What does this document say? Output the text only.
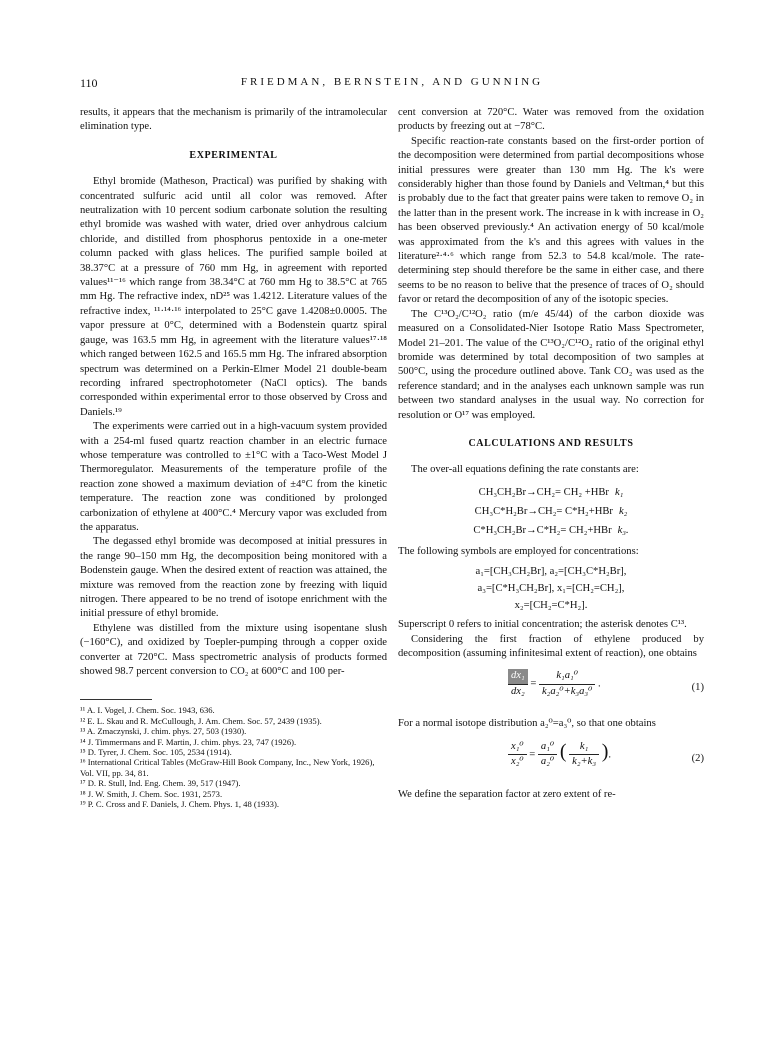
110	FRIEDMAN, BERNSTEIN, AND GUNNING

results, it appears that the mechanism is primarily of the intramolecular elimination type.

EXPERIMENTAL

Ethyl bromide (Matheson, Practical) was purified by shaking with concentrated sulfuric acid until all color was removed. After neutralization with 10 percent sodium carbonate solution the resulting ethyl bromide was washed with water, dried over anhydrous calcium chloride, and distilled from phosphorus pentoxide in a one-meter column packed with glass helices. The purified sample boiled at 38.37°C at a pressure of 760 mm Hg, in agreement with reported values¹¹⁻¹⁶ which range from 38.34°C at 760 mm Hg to 38.5°C at 765 mm Hg. The refractive index, nD²⁵ was 1.4212. Literature values of the refractive index, ¹¹·¹⁴·¹⁶ interpolated to 25°C gave 1.4208±0.0005. The vapor pressure at 0°C, determined with a Bodenstein quartz spiral gauge, was 163.5 mm Hg, in agreement with the literature values¹⁷·¹⁸ which ranged between 162.5 and 165.5 mm Hg. The infrared absorption spectrum was determined on a Perkin-Elmer Model 21 double-beam recording infrared spectrophotometer (NaCl optics). The bands corresponded within experimental error to those observed by Cross and Daniels.¹⁹

The experiments were carried out in a high-vacuum system provided with a 254-ml fused quartz reaction chamber in an electric furnace whose temperature was controlled to ±1°C with a Taco-West Model J Thermoregulator. Measurements of the temperature profile of the reaction zone showed a maximum deviation of ±4°C from the kinetic temperature. The reaction zone was conditioned by prolonged carbonization of ethylene at 400°C.⁴ Mercury vapor was excluded from the apparatus.

The degassed ethyl bromide was decomposed at initial pressures in the range 90–150 mm Hg, the decomposition being monitored with a Bodenstein gauge. When the desired extent of reaction was attained, the mixture was removed from the reaction zone by freezing with liquid nitrogen. There appeared to be no trend of isotope enrichment with the initial pressure of ethyl bromide.

Ethylene was distilled from the mixture using isopentane slush (−160°C), and oxidized by Toepler-pumping through a copper oxide converter at 720°C. Mass spectrometric analysis of products formed showed 98.7 percent conversion to CO₂ at 600°C and 100 per-

¹¹ A. I. Vogel, J. Chem. Soc. 1943, 636.
¹² E. L. Skau and R. McCullough, J. Am. Chem. Soc. 57, 2439 (1935).
¹³ A. Zmaczynski, J. chim. phys. 27, 503 (1930).
¹⁴ J. Timmermans and F. Martin, J. chim. phys. 23, 747 (1926).
¹⁵ D. Tyrer, J. Chem. Soc. 105, 2534 (1914).
¹⁶ International Critical Tables (McGraw-Hill Book Company, Inc., New York, 1926), Vol. VII, pp. 34, 81.
¹⁷ D. R. Stull, Ind. Eng. Chem. 39, 517 (1947).
¹⁸ J. W. Smith, J. Chem. Soc. 1931, 2573.
¹⁹ P. C. Cross and F. Daniels, J. Chem. Phys. 1, 48 (1933).

cent conversion at 720°C. Water was removed from the oxidation products by freezing out at −78°C.

Specific reaction-rate constants based on the first-order portion of the decomposition were determined from partial decompositions whose initial pressures were greater than 130 mm Hg. The k's were considerably higher than those found by Daniels and Veltman,⁴ but this is probably due to the fact that greater pains were taken to remove O₂ in the latter than in the present work. The increase in k with increase in O₂ has been observed previously.⁴ An activation energy of 50 kcal/mole was approximated from the k's and this agrees with values in the literature²·⁴·⁶ which range from 52.3 to 54.8 kcal/mole. The rate-determining step should therefore be the same in either case, and there seems to be no reason to belive that the presence of traces of O₂ should favor or retard the decomposition of any of the isotopic species.

The C¹³O₂/C¹²O₂ ratio (m/e 45/44) of the carbon dioxide was measured on a Consolidated-Nier Isotope Ratio Mass Spectrometer, Model 21–201. The value of the C¹³O₂/C¹²O₂ ratio of the original ethyl bromide was determined by total decomposition of two samples at 500°C, using the procedure outlined above. Tank CO₂ was used as the reference standard; and in the analyses each unknown sample was run between two standard analyses in the usual way. No correction for resolution or O¹⁷ was employed.

CALCULATIONS AND RESULTS

The over-all equations defining the rate constants are:

CH₃CH₂Br→CH₂= CH₂ +HBr k₁
CH₃C*H₂Br→CH₂= C*H₂+HBr k₂
C*H₃CH₂Br→C*H₂= CH₂+HBr k₃.

The following symbols are employed for concentrations:

a₁=[CH₃CH₂Br], a₂=[CH₃C*H₂Br],
a₃=[C*H₃CH₂Br], x₁=[CH₂=CH₂],
x₂=[CH₂=C*H₂].

Superscript 0 refers to initial concentration; the asterisk denotes C¹³.

Considering the first fraction of ethylene produced by decomposition (assuming infinitesimal extent of reaction), one obtains

$\frac{\text{dx₁}}{\text{dx₂}} = \frac{\text{k₁a₁⁰}}{\text{k₂a₂⁰+k₃a₃⁰}}$ .	(1)

For a normal isotope distribution a₂⁰=a₃⁰, so that one obtains

$\frac{\text{x₁⁰}}{\text{x₂⁰}} = \frac{\text{a₁⁰}}{\text{a₂⁰}}$ ( $\frac{\text{k₁}}{\text{k₂+k₃}}$ ).	(2)

We define the separation factor at zero extent of re-
